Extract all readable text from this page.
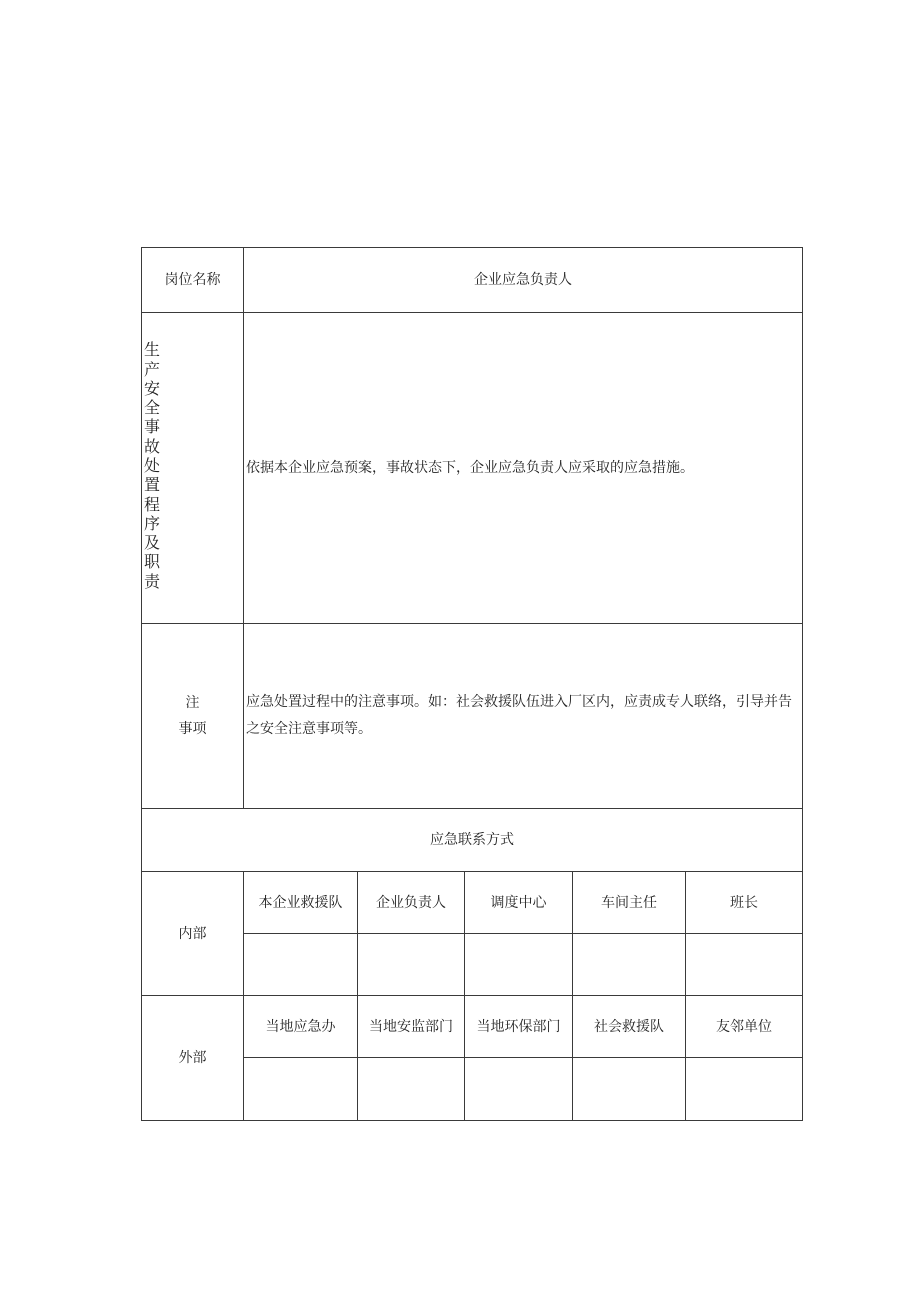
岗位名称	企业应急负责人				
生产安全事故处置程序及职责	依据本企业应急预案，事故状态下，企业应急负责人应采取的应急措施。				

注
事项	应急处置过程中的注意事项。如：社会救援队伍进入厂区内，应责成专人联络，引导并告之安全注意事项等。				

应急联系方式					
内部	本企业救援队	企业负责人	调度中心	车间主任	班长

外部	当地应急办	当地安监部门	当地环保部门	社会救援队	友邻单位
